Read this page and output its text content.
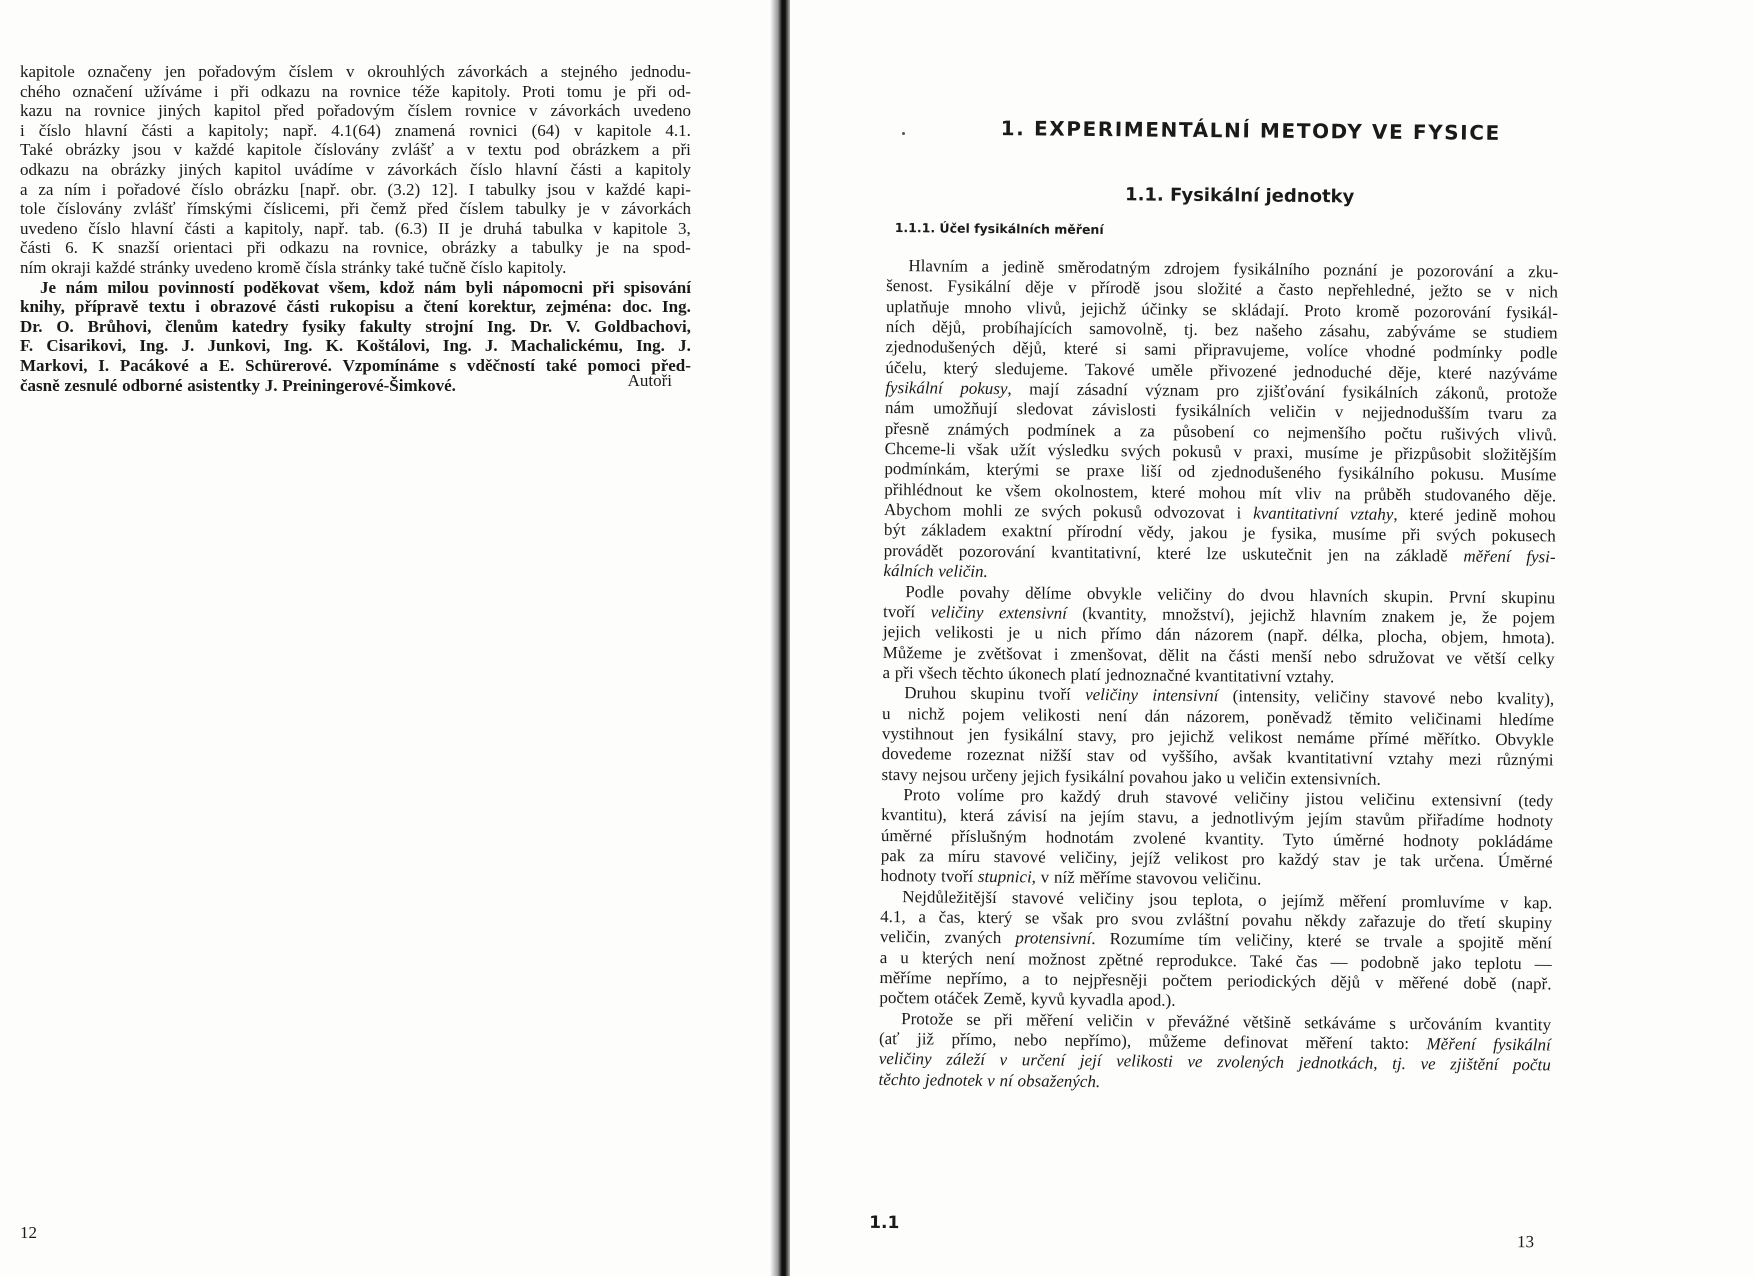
kapitole označeny jen pořadovým číslem v okrouhlých závorkách a stejného jednodu-
chého označení užíváme i při odkazu na rovnice téže kapitoly. Proti tomu je při od-
kazu na rovnice jiných kapitol před pořadovým číslem rovnice v závorkách uvedeno
i číslo hlavní části a kapitoly; např. 4.1(64) znamená rovnici (64) v kapitole 4.1.
Také obrázky jsou v každé kapitole číslovány zvlášť a v textu pod obrázkem a při
odkazu na obrázky jiných kapitol uvádíme v závorkách číslo hlavní části a kapitoly
a za ním i pořadové číslo obrázku [např. obr. (3.2) 12]. I tabulky jsou v každé kapi-
tole číslovány zvlášť římskými číslicemi, při čemž před číslem tabulky je v závorkách
uvedeno číslo hlavní části a kapitoly, např. tab. (6.3) II je druhá tabulka v kapitole 3,
části 6. K snazší orientaci při odkazu na rovnice, obrázky a tabulky je na spod-
ním okraji každé stránky uvedeno kromě čísla stránky také tučně číslo kapitoly.
Je nám milou povinností poděkovat všem, kdož nám byli nápomocni při spisování
knihy, přípravě textu i obrazové části rukopisu a čtení korektur, zejména: doc. Ing.
Dr. O. Brůhovi, členům katedry fysiky fakulty strojní Ing. Dr. V. Goldbachovi,
F. Cisarikovi, Ing. J. Junkovi, Ing. K. Koštálovi, Ing. J. Machalickému, Ing. J.
Markovi, I. Pacákové a E. Schürerové. Vzpomínáme s vděčností také pomoci před-
časně zesnulé odborné asistentky J. Preiningerové-Šimkové.	Autoři
12
1. EXPERIMENTÁLNÍ METODY VE FYSICE
1.1. Fysikální jednotky
1.1.1. Účel fysikálních měření
Hlavním a jedině směrodatným zdrojem fysikálního poznání je pozorování a zku-
šenost. Fysikální děje v přírodě jsou složité a často nepřehledné, ježto se v nich
uplatňuje mnoho vlivů, jejichž účinky se skládají. Proto kromě pozorování fysikál-
ních dějů, probíhajících samovolně, tj. bez našeho zásahu, zabýváme se studiem
zjednodušených dějů, které si sami připravujeme, volíce vhodné podmínky podle
účelu, který sledujeme. Takové uměle přivozené jednoduché děje, které nazýváme
fysikální pokusy, mají zásadní význam pro zjišťování fysikálních zákonů, protože
nám umožňují sledovat závislosti fysikálních veličin v nejjednodušším tvaru za
přesně známých podmínek a za působení co nejmenšího počtu rušivých vlivů.
Chceme-li však užít výsledku svých pokusů v praxi, musíme je přizpůsobit složitějším
podmínkám, kterými se praxe liší od zjednodušeného fysikálního pokusu. Musíme
přihlédnout ke všem okolnostem, které mohou mít vliv na průběh studovaného děje.
Abychom mohli ze svých pokusů odvozovat i kvantitativní vztahy, které jedině mohou
být základem exaktní přírodní vědy, jakou je fysika, musíme při svých pokusech
provádět pozorování kvantitativní, které lze uskutečnit jen na základě měření fysi-
kálních veličin.
Podle povahy dělíme obvykle veličiny do dvou hlavních skupin. První skupinu
tvoří veličiny extensivní (kvantity, množství), jejichž hlavním znakem je, že pojem
jejich velikosti je u nich přímo dán názorem (např. délka, plocha, objem, hmota).
Můžeme je zvětšovat i zmenšovat, dělit na části menší nebo sdružovat ve větší celky
a při všech těchto úkonech platí jednoznačné kvantitativní vztahy.
Druhou skupinu tvoří veličiny intensivní (intensity, veličiny stavové nebo kvality),
u nichž pojem velikosti není dán názorem, poněvadž těmito veličinami hledíme
vystihnout jen fysikální stavy, pro jejichž velikost nemáme přímé měřítko. Obvykle
dovedeme rozeznat nižší stav od vyššího, avšak kvantitativní vztahy mezi různými
stavy nejsou určeny jejich fysikální povahou jako u veličin extensivních.
Proto volíme pro každý druh stavové veličiny jistou veličinu extensivní (tedy
kvantitu), která závisí na jejím stavu, a jednotlivým jejím stavům přiřadíme hodnoty
úměrné příslušným hodnotám zvolené kvantity. Tyto úměrné hodnoty pokládáme
pak za míru stavové veličiny, jejíž velikost pro každý stav je tak určena. Úměrné
hodnoty tvoří stupnici, v níž měříme stavovou veličinu.
Nejdůležitější stavové veličiny jsou teplota, o jejímž měření promluvíme v kap.
4.1, a čas, který se však pro svou zvláštní povahu někdy zařazuje do třetí skupiny
veličin, zvaných protensivní. Rozumíme tím veličiny, které se trvale a spojitě mění
a u kterých není možnost zpětné reprodukce. Také čas — podobně jako teplotu —
měříme nepřímo, a to nejpřesněji počtem periodických dějů v měřené době (např.
počtem otáček Země, kyvů kyvadla apod.).
Protože se při měření veličin v převážné většině setkáváme s určováním kvantity
(ať již přímo, nebo nepřímo), můžeme definovat měření takto: Měření fysikální
veličiny záleží v určení její velikosti ve zvolených jednotkách, tj. ve zjištění počtu
těchto jednotek v ní obsažených.
1.1
13
